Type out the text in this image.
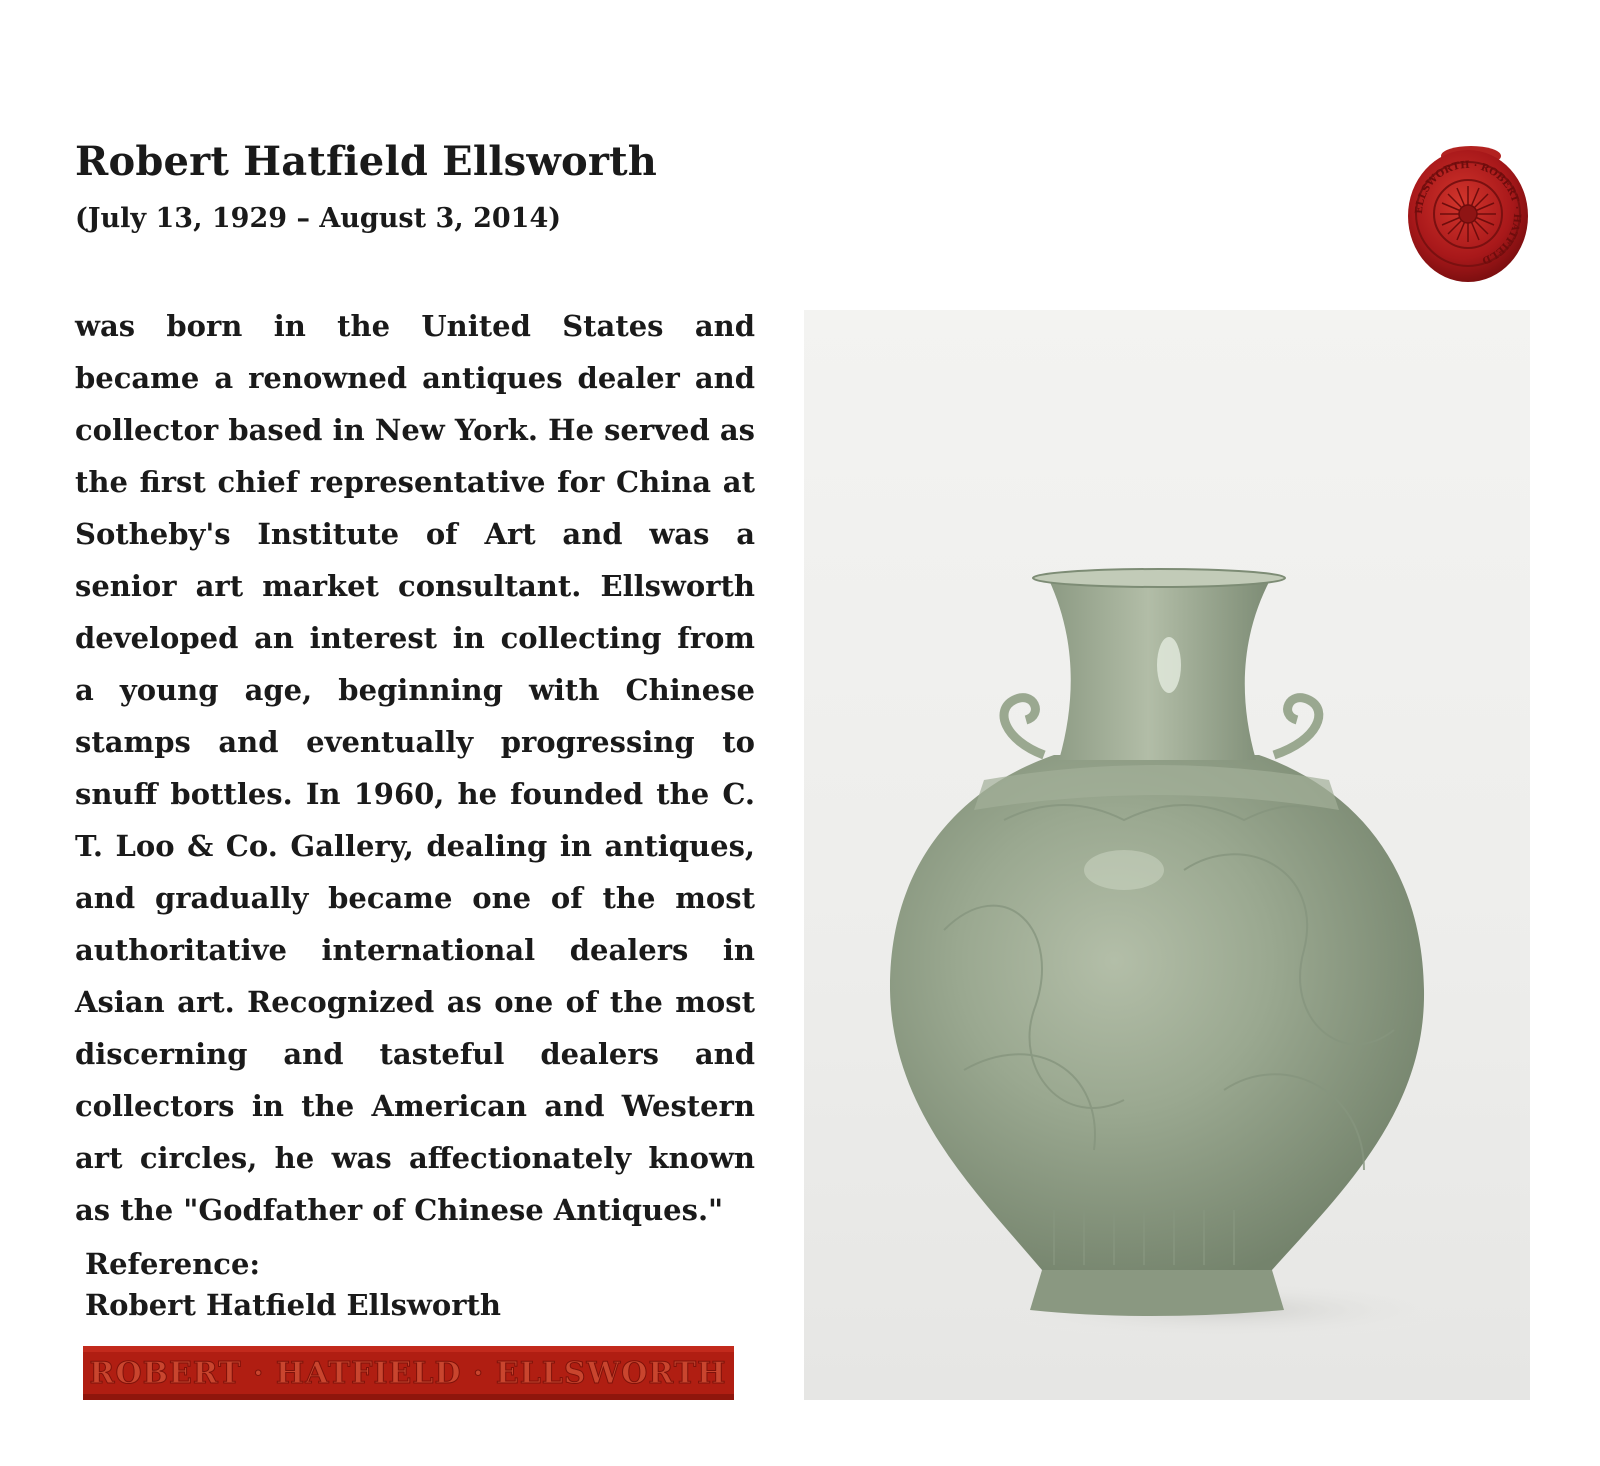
Robert Hatfield Ellsworth
(July 13, 1929 – August 3, 2014)	ELLSWORTH · ROBERT · HATFIELD

was born in the United States and became a renowned antiques dealer and collector based in New York. He served as the first chief representative for China at Sotheby's Institute of Art and was a senior art market consultant. Ellsworth developed an interest in collecting from a young age, beginning with Chinese stamps and eventually progressing to snuff bottles. In 1960, he founded the C. T. Loo & Co. Gallery, dealing in antiques, and gradually became one of the most authoritative international dealers in Asian art. Recognized as one of the most discerning and tasteful dealers and collectors in the American and Western art circles, he was affectionately known as the "Godfather of Chinese Antiques."

Reference:
Robert Hatfield Ellsworth
ROBERT · HATFIELD · ELLSWORTH
